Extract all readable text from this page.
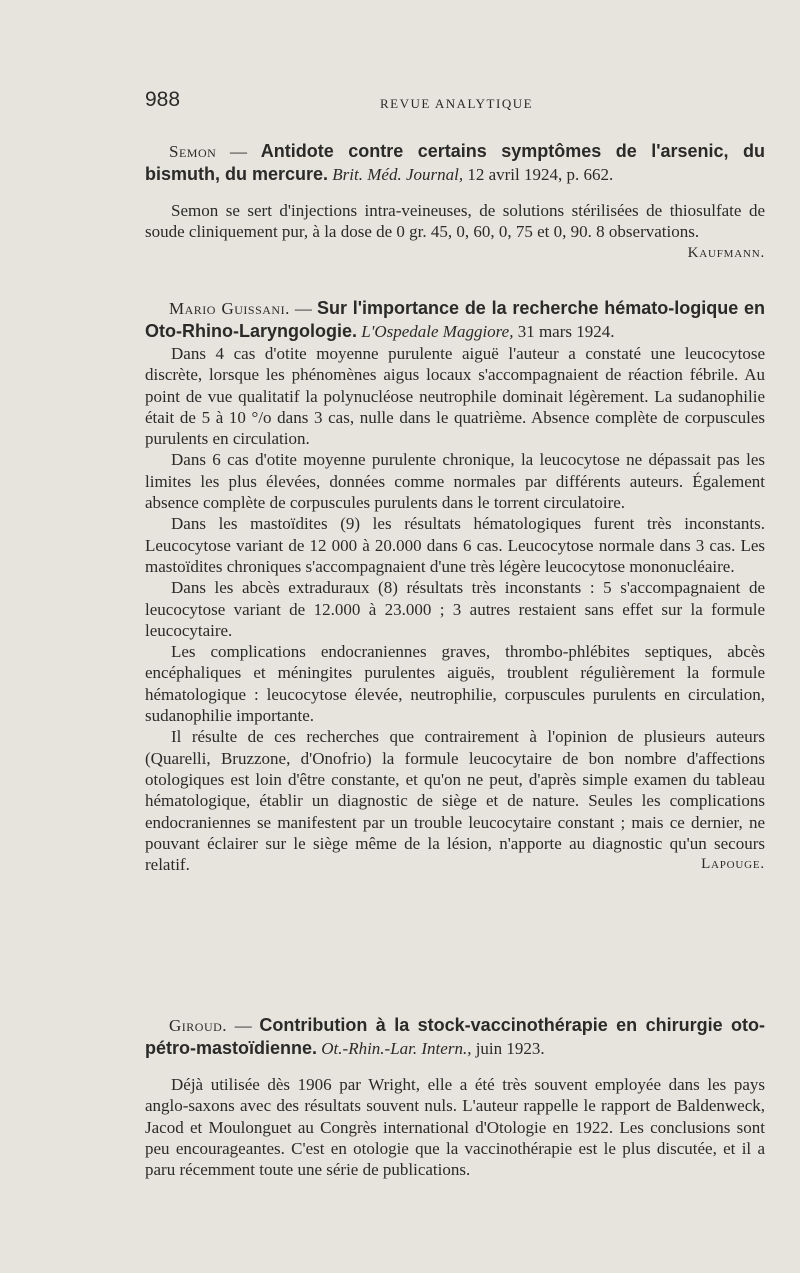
988	REVUE ANALYTIQUE

Semon — Antidote contre certains symptômes de l'arsenic, du bismuth, du mercure. Brit. Méd. Journal, 12 avril 1924, p. 662.

Semon se sert d'injections intra-veineuses, de solutions stérilisées de thiosulfate de soude cliniquement pur, à la dose de 0 gr. 45, 0, 60, 0, 75 et 0, 90. 8 observations.
Kaufmann.

Mario Guissani. — Sur l'importance de la recherche hémato-logique en Oto-Rhino-Laryngologie. L'Ospedale Maggiore, 31 mars 1924.

Dans 4 cas d'otite moyenne purulente aiguë l'auteur a constaté une leucocytose discrète, lorsque les phénomènes aigus locaux s'accompagnaient de réaction fébrile. Au point de vue qualitatif la polynucléose neutrophile dominait légèrement. La sudanophilie était de 5 à 10 °/o dans 3 cas, nulle dans le quatrième. Absence complète de corpuscules purulents en circulation.

Dans 6 cas d'otite moyenne purulente chronique, la leucocytose ne dépassait pas les limites les plus élevées, données comme normales par différents auteurs. Également absence complète de corpuscules purulents dans le torrent circulatoire.

Dans les mastoïdites (9) les résultats hématologiques furent très inconstants. Leucocytose variant de 12 000 à 20.000 dans 6 cas. Leucocytose normale dans 3 cas. Les mastoïdites chroniques s'accompagnaient d'une très légère leucocytose mononucléaire.

Dans les abcès extraduraux (8) résultats très inconstants : 5 s'accompagnaient de leucocytose variant de 12.000 à 23.000 ; 3 autres restaient sans effet sur la formule leucocytaire.

Les complications endocraniennes graves, thrombo-phlébites septiques, abcès encéphaliques et méningites purulentes aiguës, troublent régulièrement la formule hématologique : leucocytose élevée, neutrophilie, corpuscules purulents en circulation, sudanophilie importante.

Il résulte de ces recherches que contrairement à l'opinion de plusieurs auteurs (Quarelli, Bruzzone, d'Onofrio) la formule leucocytaire de bon nombre d'affections otologiques est loin d'être constante, et qu'on ne peut, d'après simple examen du tableau hématologique, établir un diagnostic de siège et de nature. Seules les complications endocraniennes se manifestent par un trouble leucocytaire constant ; mais ce dernier, ne pouvant éclairer sur le siège même de la lésion, n'apporte au diagnostic qu'un secours relatif.	Lapouge.

Giroud. — Contribution à la stock-vaccinothérapie en chirurgie oto-pétro-mastoïdienne. Ot.-Rhin.-Lar. Intern., juin 1923.

Déjà utilisée dès 1906 par Wright, elle a été très souvent employée dans les pays anglo-saxons avec des résultats souvent nuls. L'auteur rappelle le rapport de Baldenweck, Jacod et Moulonguet au Congrès international d'Otologie en 1922. Les conclusions sont peu encourageantes. C'est en otologie que la vaccinothérapie est le plus discutée, et il a paru récemment toute une série de publications.
